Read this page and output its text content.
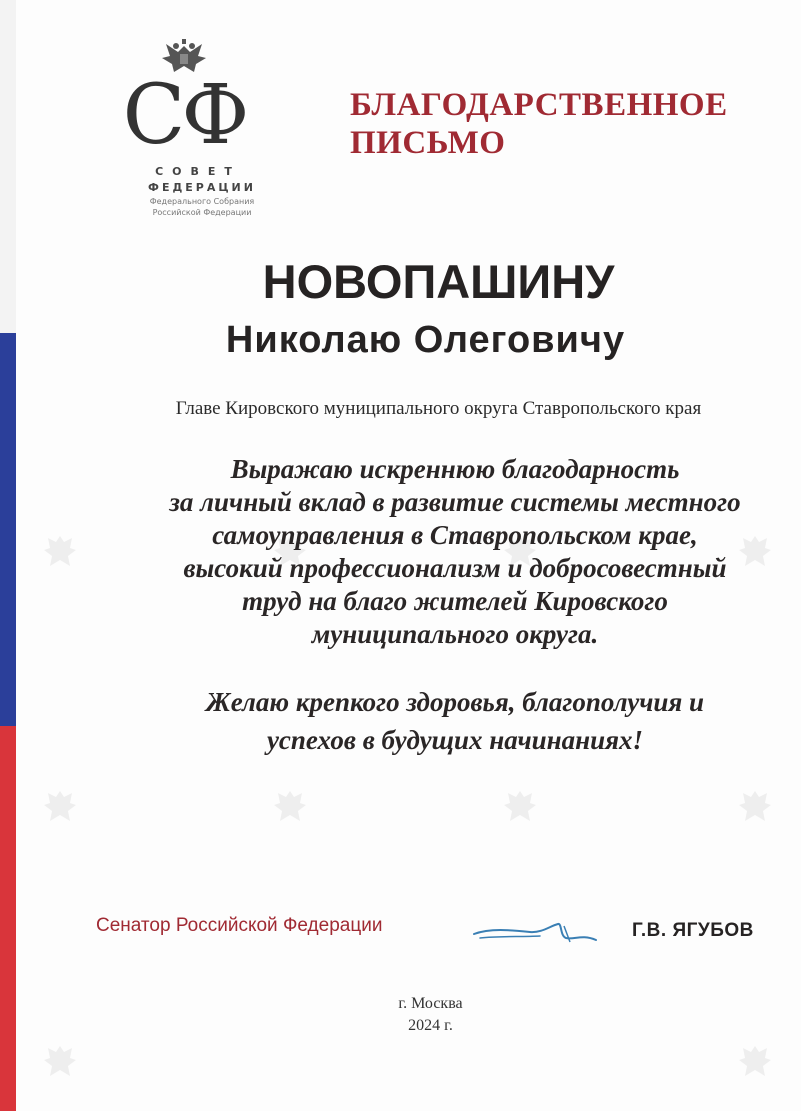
СФ
СОВЕТ
ФЕДЕРАЦИИ
Федерального Собрания
Российской Федерации
БЛАГОДАРСТВЕННОЕ
ПИСЬМО
НОВОПАШИНУ
Николаю Олеговичу
Главе Кировского муниципального округа Ставропольского края
Выражаю искреннюю благодарность
за личный вклад в развитие системы местного
самоуправления в Ставропольском крае,
высокий профессионализм и добросовестный
труд на благо жителей Кировского
муниципального округа.
Желаю крепкого здоровья, благополучия и
успехов в будущих начинаниях!
Сенатор Российской Федерации	Г.В. ЯГУБОВ
г. Москва
2024 г.
